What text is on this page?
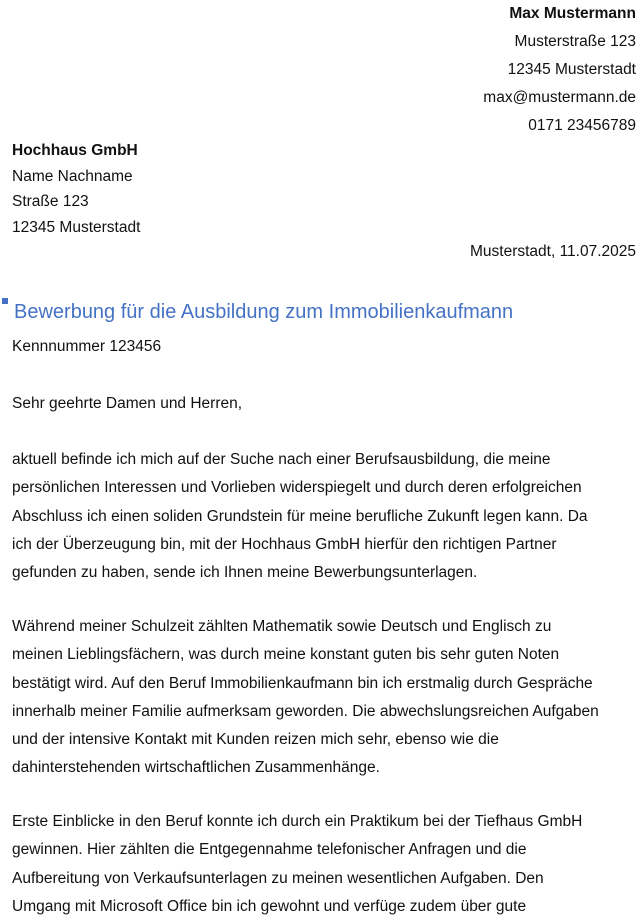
Max Mustermann
Musterstraße 123
12345 Musterstadt
max@mustermann.de
0171 23456789
Hochhaus GmbH
Name Nachname
Straße 123
12345 Musterstadt
Musterstadt, 11.07.2025
Bewerbung für die Ausbildung zum Immobilienkaufmann
Kennnummer 123456
Sehr geehrte Damen und Herren,
aktuell befinde ich mich auf der Suche nach einer Berufsausbildung, die meine
persönlichen Interessen und Vorlieben widerspiegelt und durch deren erfolgreichen
Abschluss ich einen soliden Grundstein für meine berufliche Zukunft legen kann. Da
ich der Überzeugung bin, mit der Hochhaus GmbH hierfür den richtigen Partner
gefunden zu haben, sende ich Ihnen meine Bewerbungsunterlagen.
Während meiner Schulzeit zählten Mathematik sowie Deutsch und Englisch zu
meinen Lieblingsfächern, was durch meine konstant guten bis sehr guten Noten
bestätigt wird. Auf den Beruf Immobilienkaufmann bin ich erstmalig durch Gespräche
innerhalb meiner Familie aufmerksam geworden. Die abwechslungsreichen Aufgaben
und der intensive Kontakt mit Kunden reizen mich sehr, ebenso wie die
dahinterstehenden wirtschaftlichen Zusammenhänge.
Erste Einblicke in den Beruf konnte ich durch ein Praktikum bei der Tiefhaus GmbH
gewinnen. Hier zählten die Entgegennahme telefonischer Anfragen und die
Aufbereitung von Verkaufsunterlagen zu meinen wesentlichen Aufgaben. Den
Umgang mit Microsoft Office bin ich gewohnt und verfüge zudem über gute
